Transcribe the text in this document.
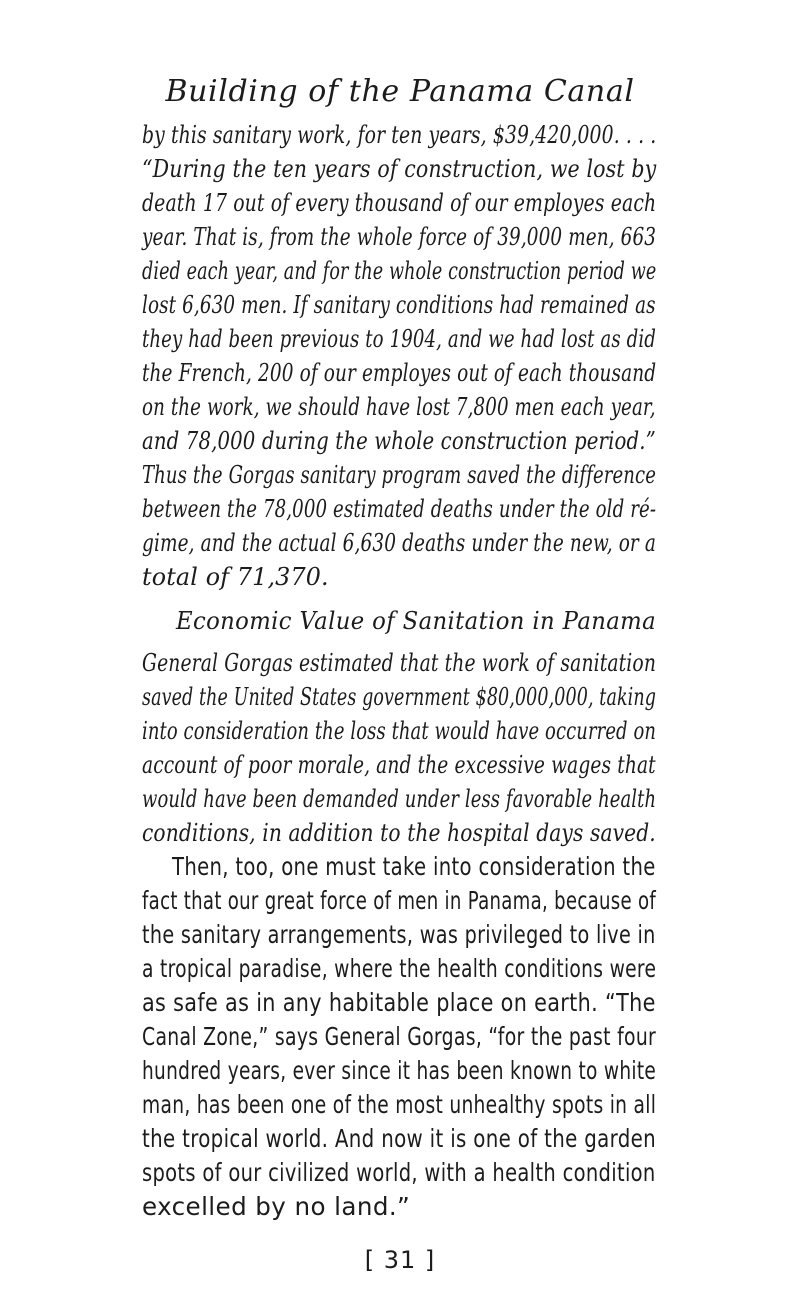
Building of the Panama Canal
by this sanitary work, for ten years, $39,420,000. . . .
“During the ten years of construction, we lost by
death 17 out of every thousand of our employes each
year. That is, from the whole force of 39,000 men, 663
died each year, and for the whole construction period we
lost 6,630 men. If sanitary conditions had remained as
they had been previous to 1904, and we had lost as did
the French, 200 of our employes out of each thousand
on the work, we should have lost 7,800 men each year,
and 78,000 during the whole construction period.”
Thus the Gorgas sanitary program saved the difference
between the 78,000 estimated deaths under the old ré-
gime, and the actual 6,630 deaths under the new, or a
total of 71,370.
Economic Value of Sanitation in Panama
General Gorgas estimated that the work of sanitation
saved the United States government $80,000,000, taking
into consideration the loss that would have occurred on
account of poor morale, and the excessive wages that
would have been demanded under less favorable health
conditions, in addition to the hospital days saved.
Then, too, one must take into consideration the
fact that our great force of men in Panama, because of
the sanitary arrangements, was privileged to live in
a tropical paradise, where the health conditions were
as safe as in any habitable place on earth. “The
Canal Zone,” says General Gorgas, “for the past four
hundred years, ever since it has been known to white
man, has been one of the most unhealthy spots in all
the tropical world. And now it is one of the garden
spots of our civilized world, with a health condition
excelled by no land.”
[ 31 ]
